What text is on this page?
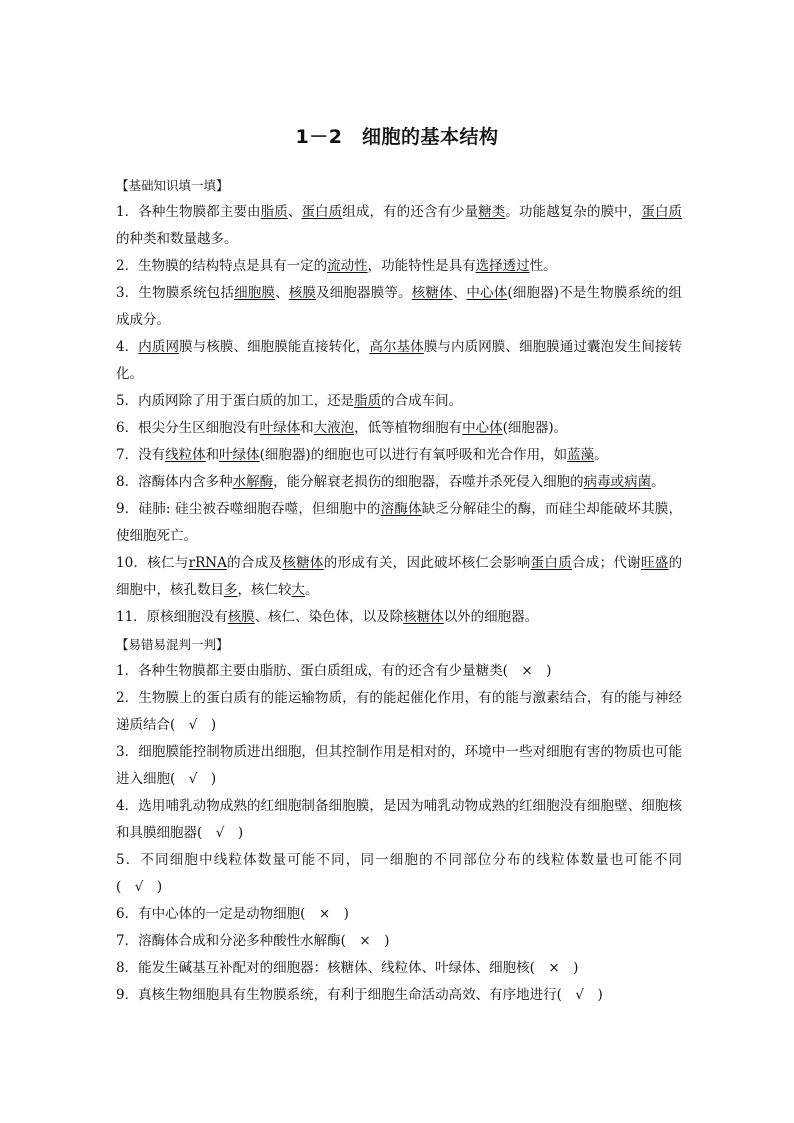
1－2　细胞的基本结构
【基础知识填一填】
1．各种生物膜都主要由脂质、蛋白质组成，有的还含有少量糖类。功能越复杂的膜中，蛋白质的种类和数量越多。
2．生物膜的结构特点是具有一定的流动性，功能特性是具有选择透过性。
3．生物膜系统包括细胞膜、核膜及细胞器膜等。核糖体、中心体(细胞器)不是生物膜系统的组成成分。
4．内质网膜与核膜、细胞膜能直接转化，高尔基体膜与内质网膜、细胞膜通过囊泡发生间接转化。
5．内质网除了用于蛋白质的加工，还是脂质的合成车间。
6．根尖分生区细胞没有叶绿体和大液泡，低等植物细胞有中心体(细胞器)。
7．没有线粒体和叶绿体(细胞器)的细胞也可以进行有氧呼吸和光合作用，如蓝藻。
8．溶酶体内含多种水解酶，能分解衰老损伤的细胞器，吞噬并杀死侵入细胞的病毒或病菌。
9．硅肺: 硅尘被吞噬细胞吞噬，但细胞中的溶酶体缺乏分解硅尘的酶，而硅尘却能破坏其膜，使细胞死亡。
10．核仁与rRNA的合成及核糖体的形成有关，因此破坏核仁会影响蛋白质合成；代谢旺盛的细胞中，核孔数目多，核仁较大。
11．原核细胞没有核膜、核仁、染色体，以及除核糖体以外的细胞器。
【易错易混判一判】
1．各种生物膜都主要由脂肪、蛋白质组成，有的还含有少量糖类(　×　)
2．生物膜上的蛋白质有的能运输物质，有的能起催化作用，有的能与激素结合，有的能与神经递质结合(　√　)
3．细胞膜能控制物质进出细胞，但其控制作用是相对的，环境中一些对细胞有害的物质也可能进入细胞(　√　)
4．选用哺乳动物成熟的红细胞制备细胞膜，是因为哺乳动物成熟的红细胞没有细胞壁、细胞核和具膜细胞器(　√　)
5．不同细胞中线粒体数量可能不同，同一细胞的不同部位分布的线粒体数量也可能不同(　√　)
6．有中心体的一定是动物细胞(　×　)
7．溶酶体合成和分泌多种酸性水解酶(　×　)
8．能发生碱基互补配对的细胞器：核糖体、线粒体、叶绿体、细胞核(　×　)
9．真核生物细胞具有生物膜系统，有利于细胞生命活动高效、有序地进行(　√　)
